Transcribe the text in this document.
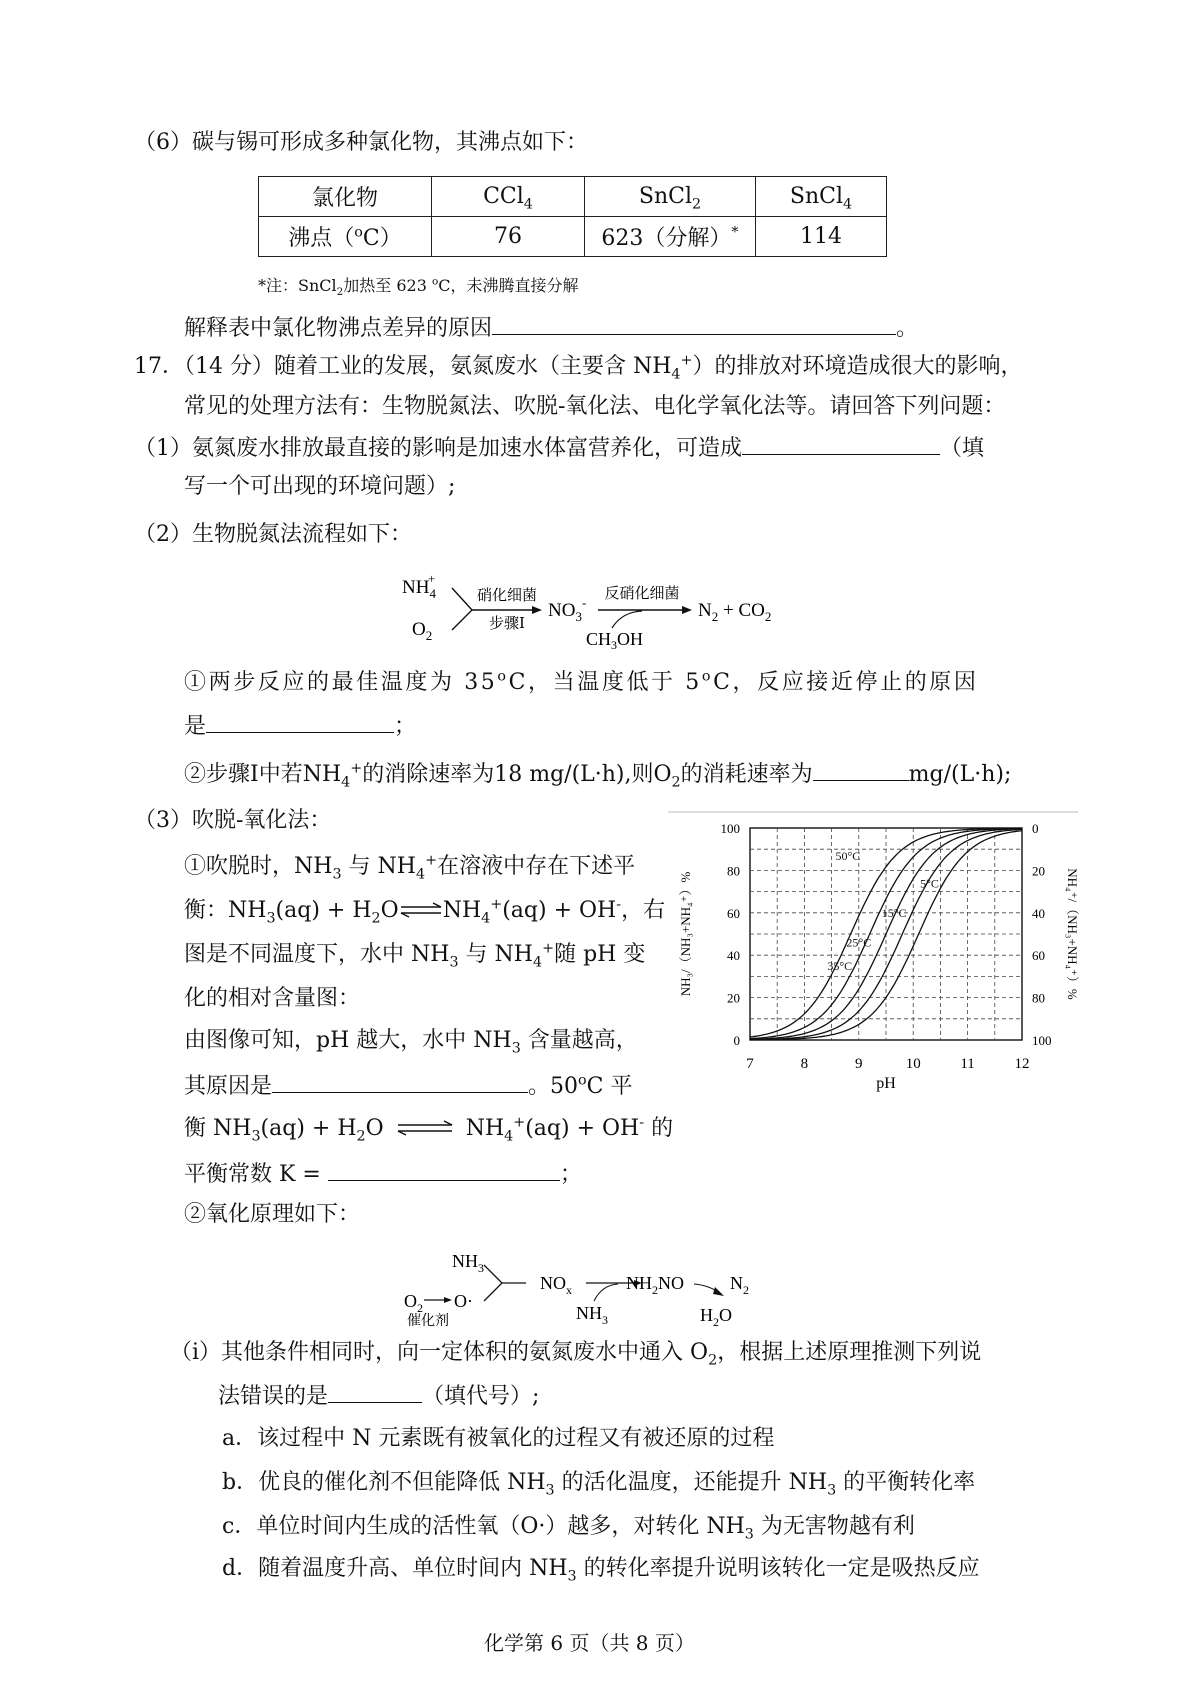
（6）碳与锡可形成多种氯化物，其沸点如下：
氯化物	CCl$_4$	SnCl$_2$	SnCl$_4$
沸点（$^o$C）	76	623（分解）*	114
*注：SnCl$_2$加热至 623 $^o$C，未沸腾直接分解
解释表中氯化物沸点差异的原因	。
17．（14 分）随着工业的发展，氨氮废水（主要含 $NH_4^+$）的排放对环境造成很大的影响，
常见的处理方法有：生物脱氮法、吹脱-氧化法、电化学氧化法等。请回答下列问题：
（1）氨氮废水排放最直接的影响是加速水体富营养化，可造成	（填
写一个可出现的环境问题）;
（2）生物脱氮法流程如下：
$NH_4+$
$O_2$
硝化细菌
步骤Ⅰ
$NO_3^-$
反硝化细菌
$CH_3OH$
$N_2 + CO_2$
①两步反应的最佳温度为 35$^o$C，当温度低于 5$^o$C，反应接近停止的原因
是	；
②步骤Ⅰ中若$NH_4^+$的消除速率为18 mg/(L·h),则$O_2$的消耗速率为	mg/(L·h);
（3）吹脱-氧化法：
①吹脱时，$NH_3$ 与 $NH_4^+$在溶液中存在下述平
衡：$NH_3(aq)$ + $H_2O\rightleftharpoons NH_4^+(aq) + OH^-$，右
图是不同温度下，水中 $NH_3$ 与 $NH_4^+$随 pH 变
化的相对含量图：
由图像可知，pH 越大，水中 $NH_3$ 含量越高，
其原因是	。50$^o$C 平
衡 $NH_3(aq) + H_2O$ ⇌ $NH_4^+(aq) + OH^-$ 的
平衡常数 K =	；
②氧化原理如下：
50°C
35°C
25°C
15°C
5°C
7	8	9	10	11	12
0
20
40
60
80
100
100
80
60
40
20
0
pH
NH₃/（NH₃+NH₄⁺）%	NH₄⁺/（NH₃+NH₄⁺）%
$NH_3$
$O_2$ O·
催化剂
$NO_x$
$NH_3$
$NH_2NO$	$N_2$
$H_2O$
（i）其他条件相同时，向一定体积的氨氮废水中通入 $O_2$，根据上述原理推测下列说
法错误的是	（填代号）;
a．该过程中 N 元素既有被氧化的过程又有被还原的过程
b．优良的催化剂不但能降低 $NH_3$ 的活化温度，还能提升 $NH_3$ 的平衡转化率
c．单位时间内生成的活性氧（O·）越多，对转化 $NH_3$ 为无害物越有利
d．随着温度升高、单位时间内 $NH_3$ 的转化率提升说明该转化一定是吸热反应
化学第 6 页（共 8 页）
